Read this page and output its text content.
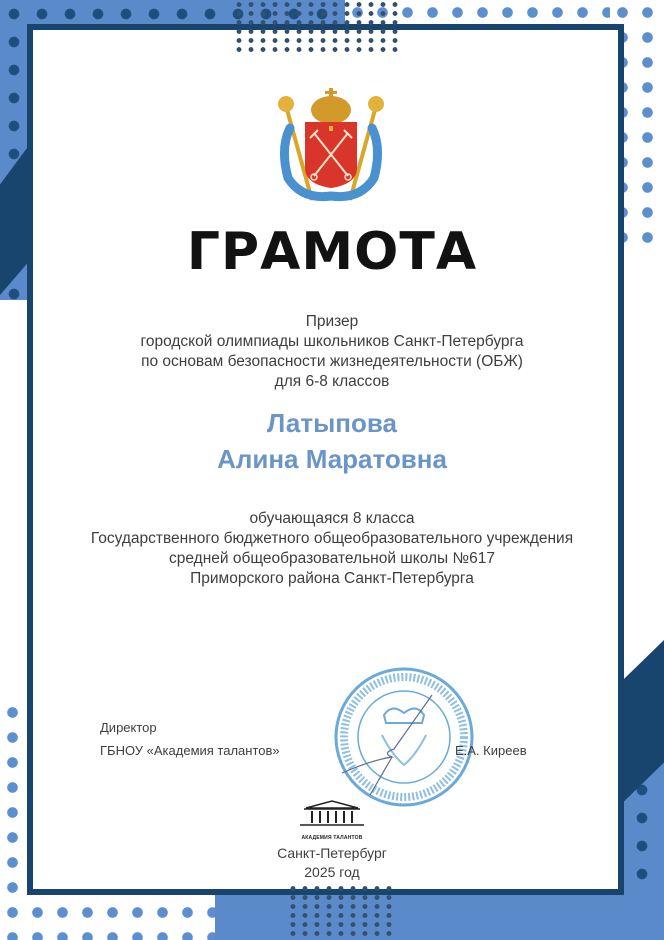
ГРАМОТА
Призер
городской олимпиады школьников Санкт-Петербурга
по основам безопасности жизнедеятельности (ОБЖ)
для 6-8 классов
Латыпова
Алина Маратовна
обучающаяся 8 класса
Государственного бюджетного общеобразовательного учреждения
средней общеобразовательной школы №617
Приморского района Санкт-Петербурга
Директор
ГБНОУ «Академия талантов»	Е.А. Киреев
АКАДЕМИЯ ТАЛАНТОВ
Санкт-Петербург
2025 год
